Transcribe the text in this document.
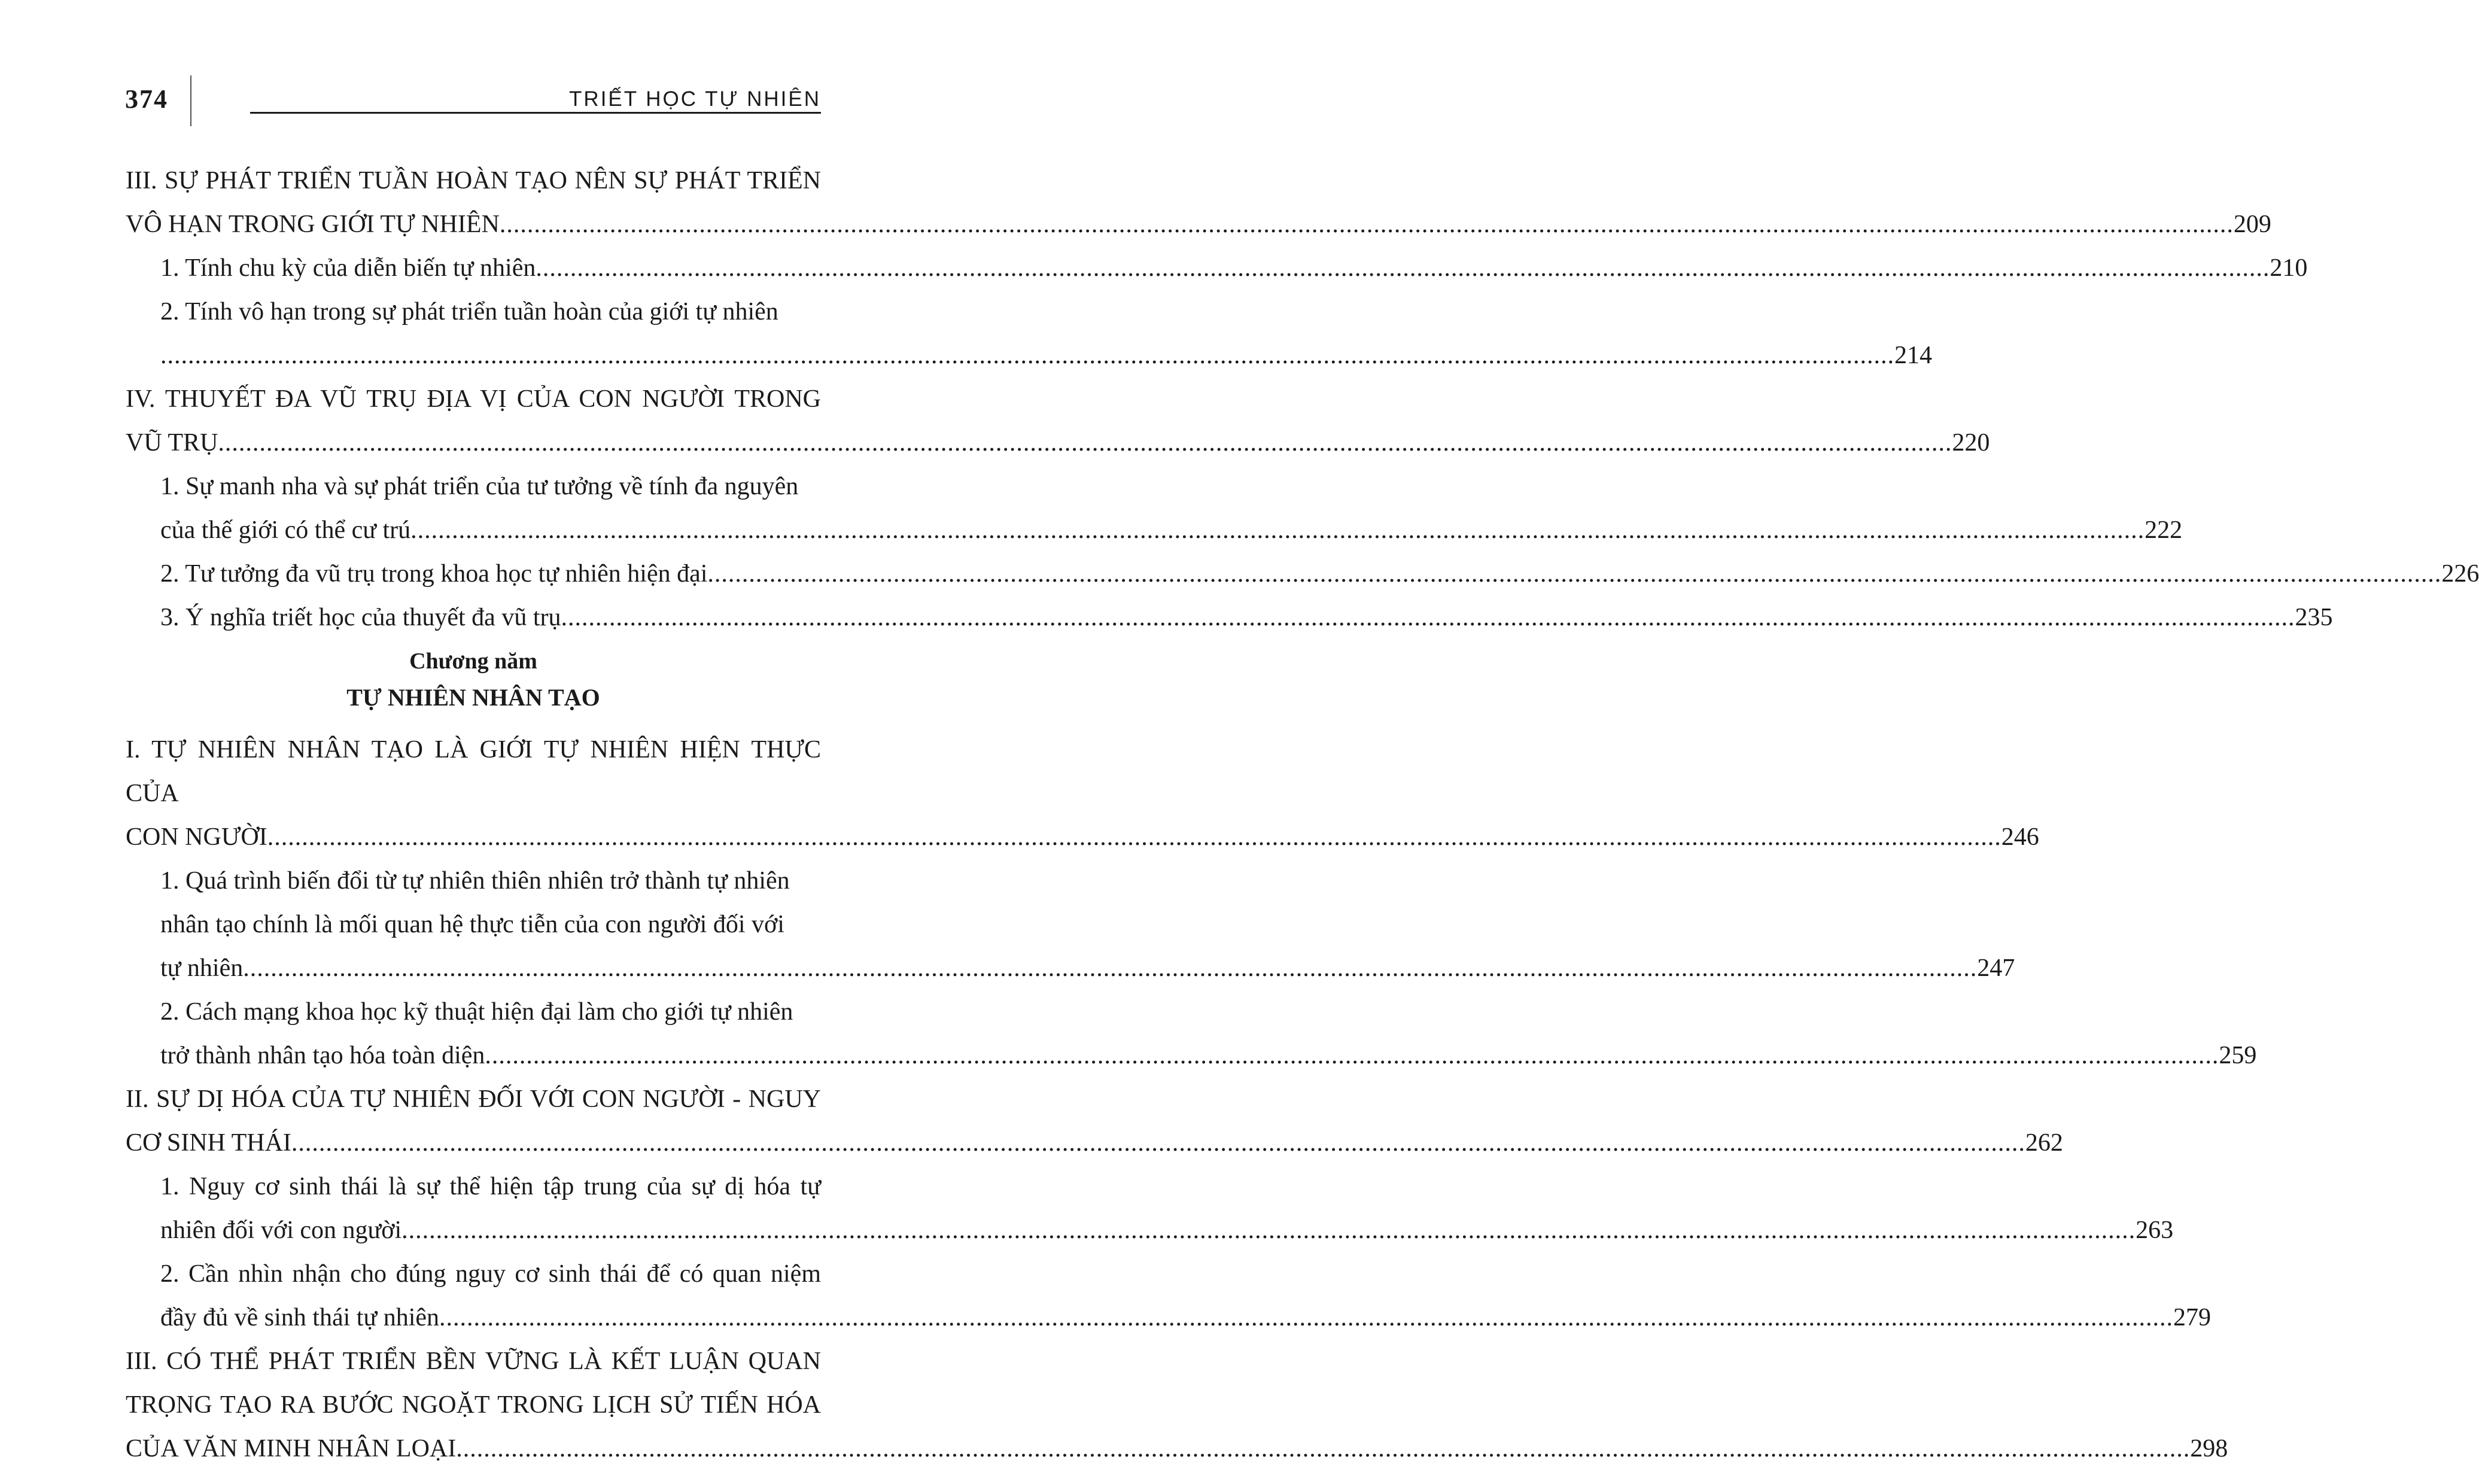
374	TRIẾT HỌC TỰ NHIÊN
III. SỰ PHÁT TRIỂN TUẦN HOÀN TẠO NÊN SỰ PHÁT TRIỂN
VÔ HẠN TRONG GIỚI TỰ NHIÊN .....	209
1. Tính chu kỳ của diễn biến tự nhiên .....	210
2. Tính vô hạn trong sự phát triển tuần hoàn của giới tự nhiên
..... 214
IV. THUYẾT ĐA VŨ TRỤ ĐỊA VỊ CỦA CON NGƯỜI TRONG
VŨ TRỤ .....	220
1. Sự manh nha và sự phát triển của tư tưởng về tính đa nguyên
của thế giới có thể cư trú .....	222
2. Tư tưởng đa vũ trụ trong khoa học tự nhiên hiện đại .....	226
3. Ý nghĩa triết học của thuyết đa vũ trụ .....	235
Chương năm
TỰ NHIÊN NHÂN TẠO
I. TỰ NHIÊN NHÂN TẠO LÀ GIỚI TỰ NHIÊN HIỆN THỰC CỦA
CON NGƯỜI .....	246
1. Quá trình biến đổi từ tự nhiên thiên nhiên trở thành tự nhiên
nhân tạo chính là mối quan hệ thực tiễn của con người đối với
tự nhiên .....	247
2. Cách mạng khoa học kỹ thuật hiện đại làm cho giới tự nhiên
trở thành nhân tạo hóa toàn diện .....	259
II. SỰ DỊ HÓA CỦA TỰ NHIÊN ĐỐI VỚI CON NGƯỜI - NGUY
CƠ SINH THÁI .....	262
1. Nguy cơ sinh thái là sự thể hiện tập trung của sự dị hóa tự
nhiên đối với con người .....	263
2. Cần nhìn nhận cho đúng nguy cơ sinh thái để có quan niệm
đầy đủ về sinh thái tự nhiên .....	279
III. CÓ THỂ PHÁT TRIỂN BỀN VỮNG LÀ KẾT LUẬN QUAN
TRỌNG TẠO RA BƯỚC NGOẶT TRONG LỊCH SỬ TIẾN HÓA
CỦA VĂN MINH NHÂN LOẠI .....	298
